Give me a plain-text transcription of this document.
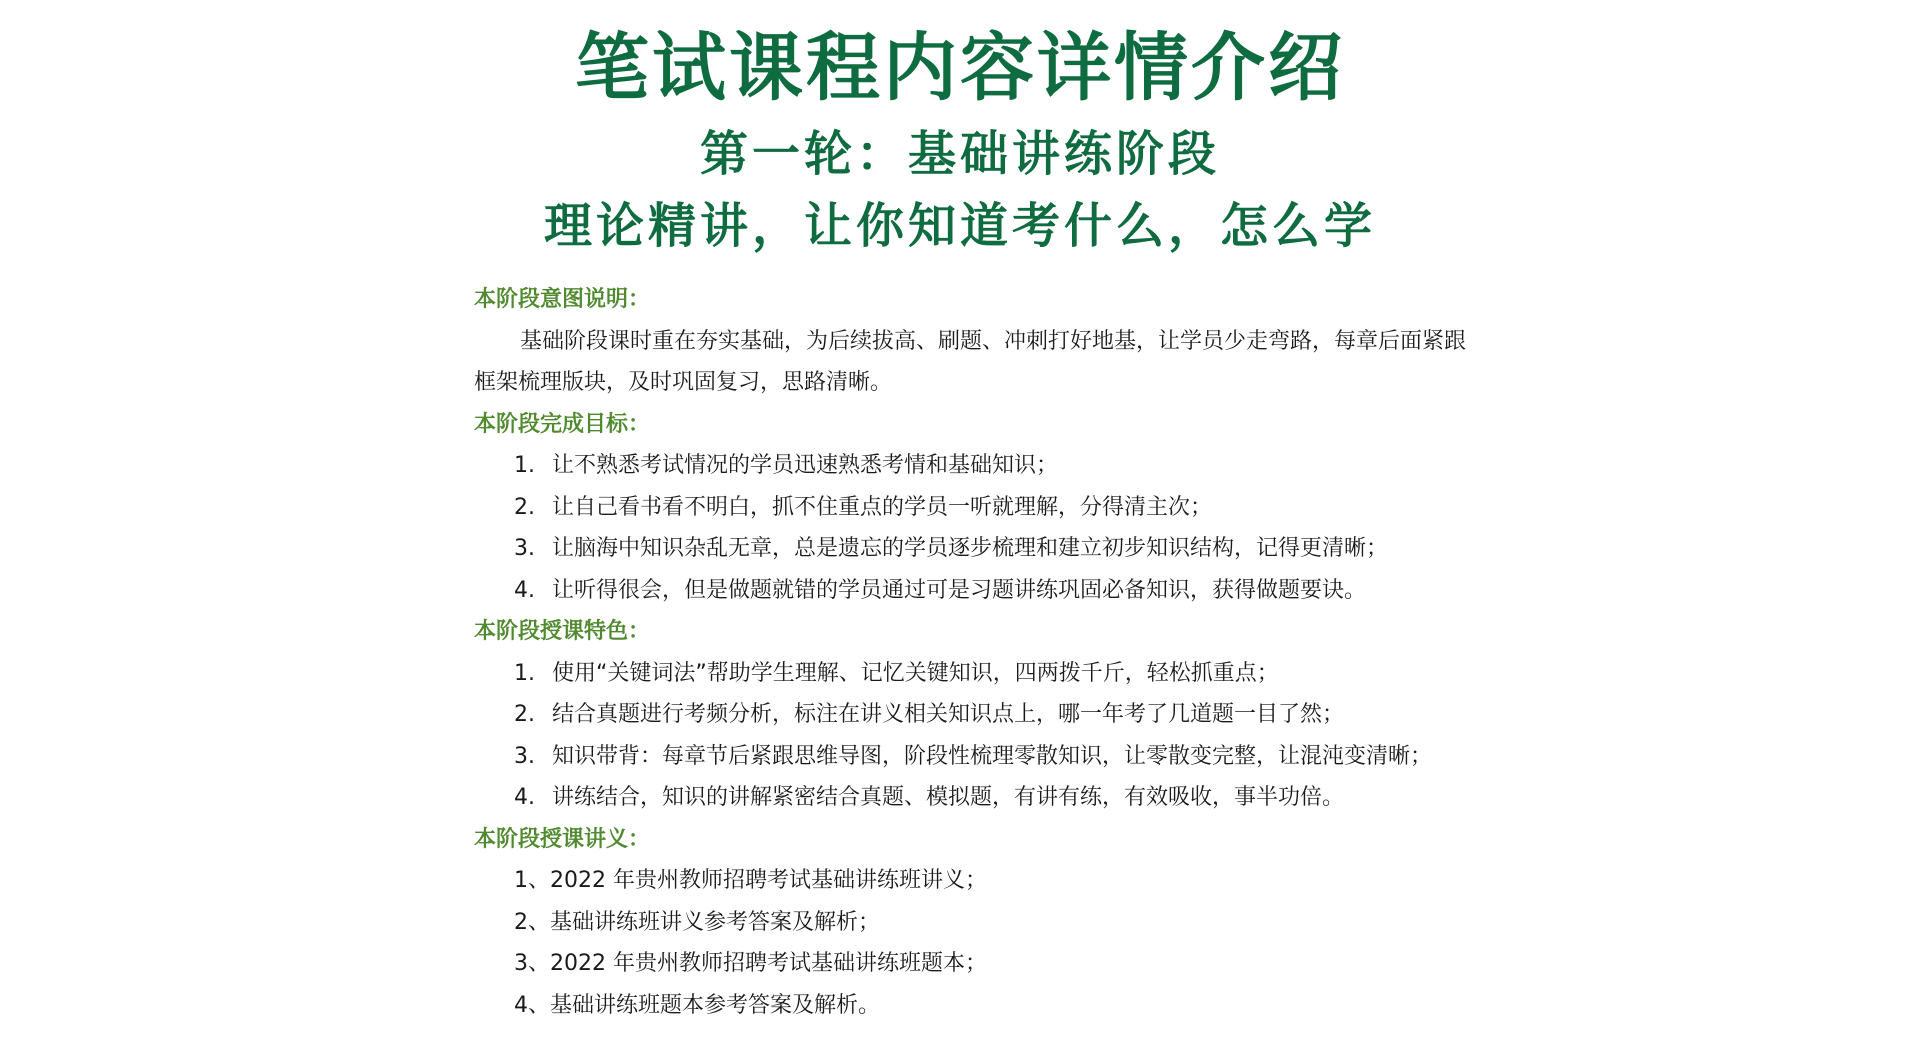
笔试课程内容详情介绍
第一轮：基础讲练阶段
理论精讲，让你知道考什么，怎么学

本阶段意图说明：

基础阶段课时重在夯实基础，为后续拔高、刷题、冲刺打好地基，让学员少走弯路，每章后面紧跟框架梳理版块，及时巩固复习，思路清晰。

本阶段完成目标：

1. 让不熟悉考试情况的学员迅速熟悉考情和基础知识；
2. 让自己看书看不明白，抓不住重点的学员一听就理解，分得清主次；
3. 让脑海中知识杂乱无章，总是遗忘的学员逐步梳理和建立初步知识结构，记得更清晰；
4. 让听得很会，但是做题就错的学员通过可是习题讲练巩固必备知识，获得做题要诀。

本阶段授课特色：

1. 使用“关键词法”帮助学生理解、记忆关键知识，四两拨千斤，轻松抓重点；
2. 结合真题进行考频分析，标注在讲义相关知识点上，哪一年考了几道题一目了然；
3. 知识带背：每章节后紧跟思维导图，阶段性梳理零散知识，让零散变完整，让混沌变清晰；
4. 讲练结合，知识的讲解紧密结合真题、模拟题，有讲有练，有效吸收，事半功倍。

本阶段授课讲义：

1、2022 年贵州教师招聘考试基础讲练班讲义；
2、基础讲练班讲义参考答案及解析；
3、2022 年贵州教师招聘考试基础讲练班题本；
4、基础讲练班题本参考答案及解析。
